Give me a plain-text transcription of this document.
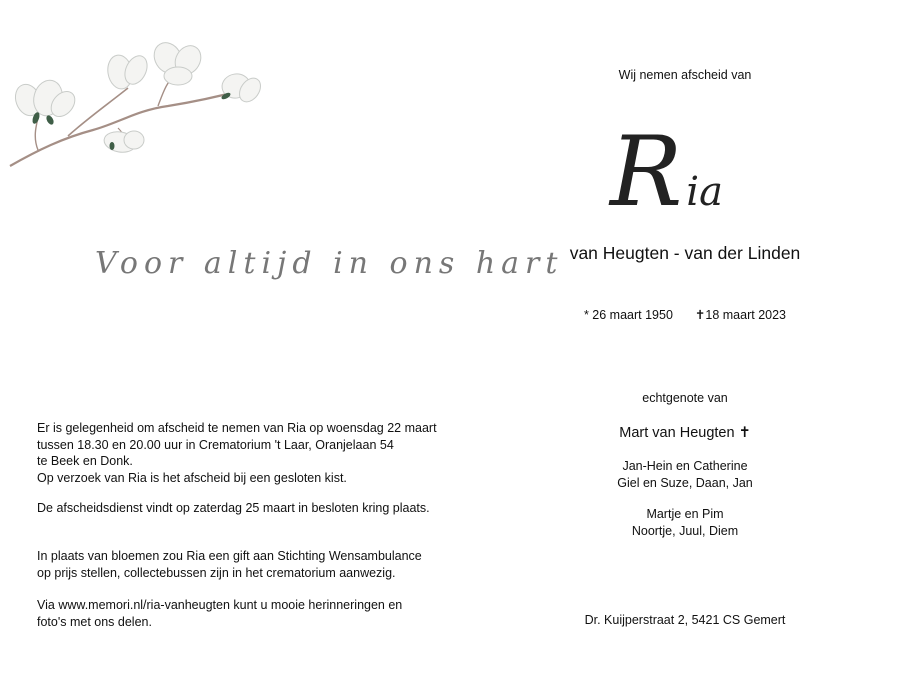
Voor altijd in ons hart
Er is gelegenheid om afscheid te nemen van Ria op woensdag 22 maart
tussen 18.30 en 20.00 uur in Crematorium 't Laar, Oranjelaan 54
te Beek en Donk.
Op verzoek van Ria is het afscheid bij een gesloten kist.
De afscheidsdienst vindt op zaterdag 25 maart in besloten kring plaats.
In plaats van bloemen zou Ria een gift aan Stichting Wensambulance
op prijs stellen, collectebussen zijn in het crematorium aanwezig.
Via www.memori.nl/ria-vanheugten kunt u mooie herinneringen en
foto's met ons delen.
Wij nemen afscheid van
Ria
van Heugten - van der Linden
* 26 maart 1950 ✝18 maart 2023
echtgenote van
Mart van Heugten ✝
Jan-Hein en Catherine
Giel en Suze, Daan, Jan
Martje en Pim
Noortje, Juul, Diem
Dr. Kuijperstraat 2, 5421 CS Gemert
